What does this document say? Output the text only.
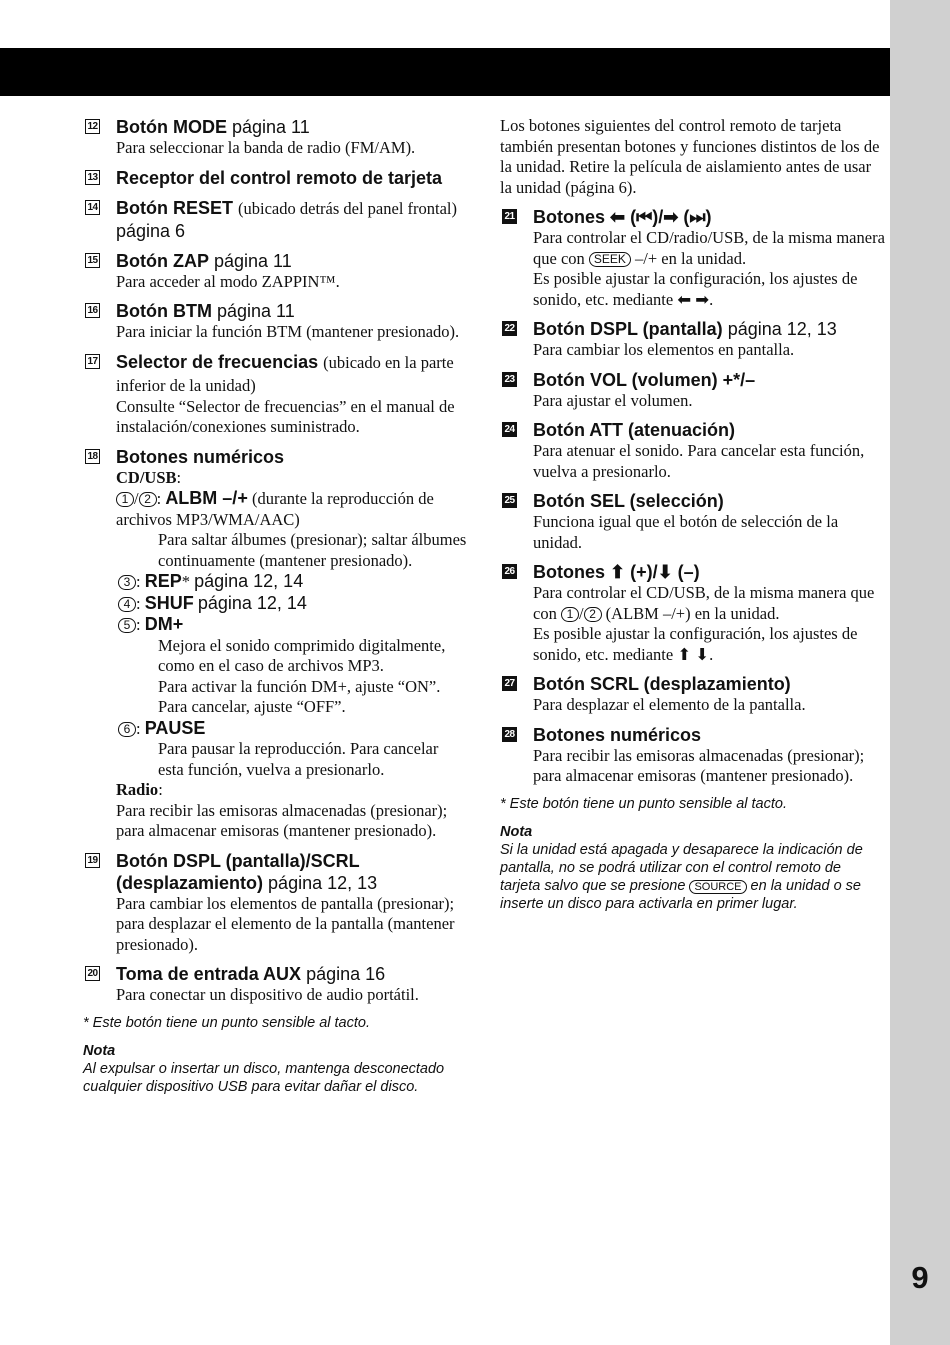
9
12 Botón MODE página 11
Para seleccionar la banda de radio (FM/AM).
13 Receptor del control remoto de tarjeta
14 Botón RESET (ubicado detrás del panel frontal) página 6
15 Botón ZAP página 11
Para acceder al modo ZAPPIN™.
16 Botón BTM página 11
Para iniciar la función BTM (mantener presionado).
17 Selector de frecuencias (ubicado en la parte inferior de la unidad)
Consulte “Selector de frecuencias” en el manual de instalación/conexiones suministrado.
18 Botones numéricos
CD/USB:
1 / 2 : ALBM –/+ (durante la reproducción de archivos MP3/WMA/AAC)
Para saltar álbumes (presionar); saltar álbumes continuamente (mantener presionado).
3 : REP* página 12, 14
4 : SHUF página 12, 14
5 : DM+
Mejora el sonido comprimido digitalmente, como en el caso de archivos MP3.
Para activar la función DM+, ajuste “ON”. Para cancelar, ajuste “OFF”.
6 : PAUSE
Para pausar la reproducción. Para cancelar esta función, vuelva a presionarlo.
Radio:
Para recibir las emisoras almacenadas (presionar); para almacenar emisoras (mantener presionado).
19 Botón DSPL (pantalla)/SCRL (desplazamiento) página 12, 13
Para cambiar los elementos de pantalla (presionar); para desplazar el elemento de la pantalla (mantener presionado).
20 Toma de entrada AUX página 16
Para conectar un dispositivo de audio portátil.
* Este botón tiene un punto sensible al tacto.
Nota
Al expulsar o insertar un disco, mantenga desconectado cualquier dispositivo USB para evitar dañar el disco.
Los botones siguientes del control remoto de tarjeta también presentan botones y funciones distintos de los de la unidad. Retire la película de aislamiento antes de usar la unidad (página 6).
21 Botones ⬅ (⏮)/➡ (⏭)
Para controlar el CD/radio/USB, de la misma manera que con SEEK –/+ en la unidad.
Es posible ajustar la configuración, los ajustes de sonido, etc. mediante ⬅ ➡.
22 Botón DSPL (pantalla) página 12, 13
Para cambiar los elementos en pantalla.
23 Botón VOL (volumen) +*/–
Para ajustar el volumen.
24 Botón ATT (atenuación)
Para atenuar el sonido. Para cancelar esta función, vuelva a presionarlo.
25 Botón SEL (selección)
Funciona igual que el botón de selección de la unidad.
26 Botones ⬆ (+)/⬇ (–)
Para controlar el CD/USB, de la misma manera que con 1 / 2 (ALBM –/+) en la unidad.
Es posible ajustar la configuración, los ajustes de sonido, etc. mediante ⬆ ⬇.
27 Botón SCRL (desplazamiento)
Para desplazar el elemento de la pantalla.
28 Botones numéricos
Para recibir las emisoras almacenadas (presionar); para almacenar emisoras (mantener presionado).
* Este botón tiene un punto sensible al tacto.
Nota
Si la unidad está apagada y desaparece la indicación de pantalla, no se podrá utilizar con el control remoto de tarjeta salvo que se presione SOURCE en la unidad o se inserte un disco para activarla en primer lugar.
